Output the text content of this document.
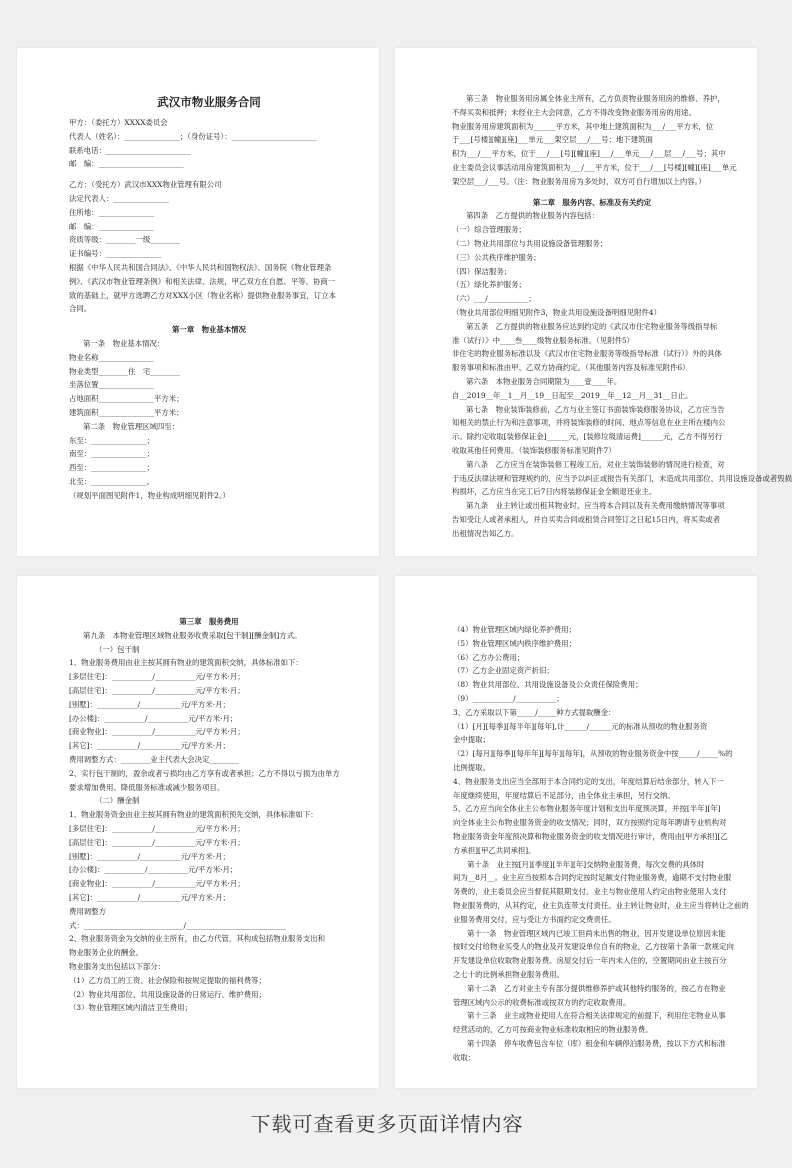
武汉市物业服务合同
甲方：（委托方）XXXX委员会
代表人（姓名）：_______________；（身份证号）：_______________________
联系电话：_______________________
邮　编：_______________________
乙方：（受托方）武汉市XXX物业管理有限公司
法定代表人：_______________
住所地：_______________
邮　编：_______________
资质等级：________一级________
证书编号：_______________
根据《中华人民共和国合同法》、《中华人民共和国物权法》、国务院《物业管理条
例》、《武汉市物业管理条例》和相关法律、法规，甲乙双方在自愿、平等、协商一
致的基础上，就甲方选聘乙方对XXX小区（物业名称）提供物业服务事宜，订立本
合同。
第一章　物业基本情况
第一条　物业基本情况：
物业名称_______________
物业类型________住　宅________
坐落位置_______________
占地面积_______________平方米；
建筑面积_______________平方米；
第二条　物业管理区域四至：
东至：_______________；
南至：_______________；
西至：_______________；
北至：_______________。
（规划平面图见附件1，物业构成明细见附件2。）
第三条　物业服务用房属全体业主所有，乙方负责物业服务用房的维修、养护，
不得买卖和抵押；未经业主大会同意，乙方不得改变物业服务用房的用途。
物业服务用房建筑面积为______平方米，其中地上建筑面积为___/___平方米，位
于___[号楼][幢][座]___单元___架空层___/___号；地下建筑面
积为___/___平方米，位于___/___[号][幢][座]___/___单元___/___层___/___号；其中
业主委员会议事活动用房建筑面积为___/___平方米，位于___/___[号楼][幢][座]___单元
架空层___/___号。（注：物业服务用房为多处时，双方可自行增加以上内容。）
第二章　服务内容、标准及有关约定
第四条　乙方提供的物业服务内容包括：
（一）综合管理服务；
（二）物业共用部位与共用设施设备管理服务；
（三）公共秩序维护服务；
（四）保洁服务；
（五）绿化养护服务；
（六）___/___________；
（物业共用部位明细见附件3，物业共用设施设备明细见附件4）
第五条　乙方提供的物业服务应达到约定的《武汉市住宅物业服务等级指导标
准（试行）》中____叁____级物业服务标准。（见附件5）
非住宅的物业服务标准以及《武汉市住宅物业服务等级指导标准（试行）》外的具体
服务事项和标准由甲、乙双方协商约定。（其他服务内容及标准见附件6）
第六条　本物业服务合同期限为____壹____年。
自__2019__年__1__月__19__日起至__2019__年__12__月__31__日止。
第七条　物业装饰装修前，乙方与业主签订书面装饰装修服务协议，乙方应当告
知相关的禁止行为和注意事项，并将装饰装修的时间、地点等信息在业主所在楼内公
示。除约定收取[装修保证金]______元，[装修垃圾清运费]______元，乙方不得另行
收取其他任何费用。（装饰装修服务标准见附件7）
第八条　乙方应当在装饰装修工程竣工后，对业主装饰装修的情况进行检查，对
于违反法律法规和管理规约的，应当予以纠正或报告有关部门，未造成共用部位、共用设施设备或者毁损
构损坏，乙方应当在完工后7日内将装修保证金全额退还业主。
第九条　业主转让或出租其物业时，应当将本合同以及有关费用缴纳情况等事项
告知受让人或者承租人，并自买卖合同或租赁合同签订之日起15日内，将买卖或者
出租情况告知乙方。
第三章　服务费用
第九条　本物业管理区域物业服务收费采取[包干制][酬金制]方式。
（一）包干制
1、物业服务费用由业主按其拥有物业的建筑面积交纳，具体标准如下：
[多层住宅]：___________/___________元/平方米·月；
[高层住宅]：___________/___________元/平方米·月；
[别墅]：___________/___________元/平方米·月；
[办公楼]：___________/___________元/平方米·月；
[商业物业]：___________/___________元/平方米·月；
[其它]：___________/___________元/平方米·月；
费用调整方式：________业主代表大会决定________
2、实行包干制的，盈余或者亏损均由乙方享有或者承担；乙方不得以亏损为由单方
要求增加费用、降低服务标准或减少服务项目。
（二）酬金制
1、物业服务资金由业主按其拥有物业的建筑面积预先交纳，具体标准如下：
[多层住宅]：___________/___________元/平方米·月；
[高层住宅]：___________/___________元/平方米·月；
[别墅]：___________/___________元/平方米·月；
[办公楼]：___________/___________元/平方米·月；
[商业物业]：___________/___________元/平方米·月；
[其它]：___________/___________元/平方米·月；
费用调整方
式：___________________________/___________________________
2、物业服务资金为交纳的业主所有，由乙方代管，其构成包括物业服务支出和
物业服务企业的酬金。
物业服务支出包括以下部分：
（1）乙方员工的工资、社会保险和按规定提取的福利费等；
（2）物业共用部位、共用设施设备的日常运行、维护费用；
（3）物业管理区域内清洁卫生费用；
（4）物业管理区域内绿化养护费用；
（5）物业管理区域内秩序维护费用；
（6）乙方办公费用；
（7）乙方企业固定资产折旧；
（8）物业共用部位、共用设施设备及公众责任保险费用；
（9）___________/___________；
3、乙方采取以下第_____/_____种方式提取酬金：
（1）[月][每季][每半年][每年],计______/______元的标准从预收的物业服务资
金中提取；
（2）[每月][每季][每年年][每年][每年]，从预收的物业服务资金中按_____/_____%的
比例提取。
4、物业服务支出应当全部用于本合同约定的支出，年度结算后结余部分，转入下一
年度继续使用，年度结算后不足部分，由全体业主承担，另行交纳。
5、乙方应当向全体业主公布物业服务年度计划和支出年度预决算，并按[半年][年]
向全体业主公布物业服务资金的收支情况；同时，双方按照约定每年聘请专业机构对
物业服务资金年度预决算和物业服务资金的收支情况进行审计，费用由[甲方承担][乙
方承担][甲乙共同承担]。
第十条　业主按[月][季度][半年][年]交纳物业服务费，每次交费的具体时
间为__8月__。业主应当按照本合同约定按时足额支付物业服务费，逾期不支付物业服
务费的，业主委员会应当督促其限期支付。业主与物业使用人约定由物业使用人支付
物业服务费的，从其约定，业主负连带支付责任。业主转让物业时，业主应当将转让之前的
业服务费用交付，应与受让方书面约定交费责任。
第十一条　物业管理区域内已竣工但尚未出售的物业，因开发建设单位原因未能
按时交付给物业买受人的物业及开发建设单位自有的物业，乙方按第十条第一款规定向
开发建设单位收取物业服务费。房屋交付后一年内未入住的，空置期间由业主按百分
之七十的比例承担物业服务费用。
第十二条　乙方对业主专有部分提供维修养护或其他特约服务的，按乙方在物业
管理区域内公示的收费标准或按双方的约定收取费用。
第十三条　业主或物业使用人在符合相关法律规定的前提下，利用住宅物业从事
经营活动的，乙方可按商业物业标准收取相应的物业服务费。
第十四条　停车收费包含车位（库）租金和车辆停泊服务费，按以下方式和标准
收取：
下载可查看更多页面详情内容
